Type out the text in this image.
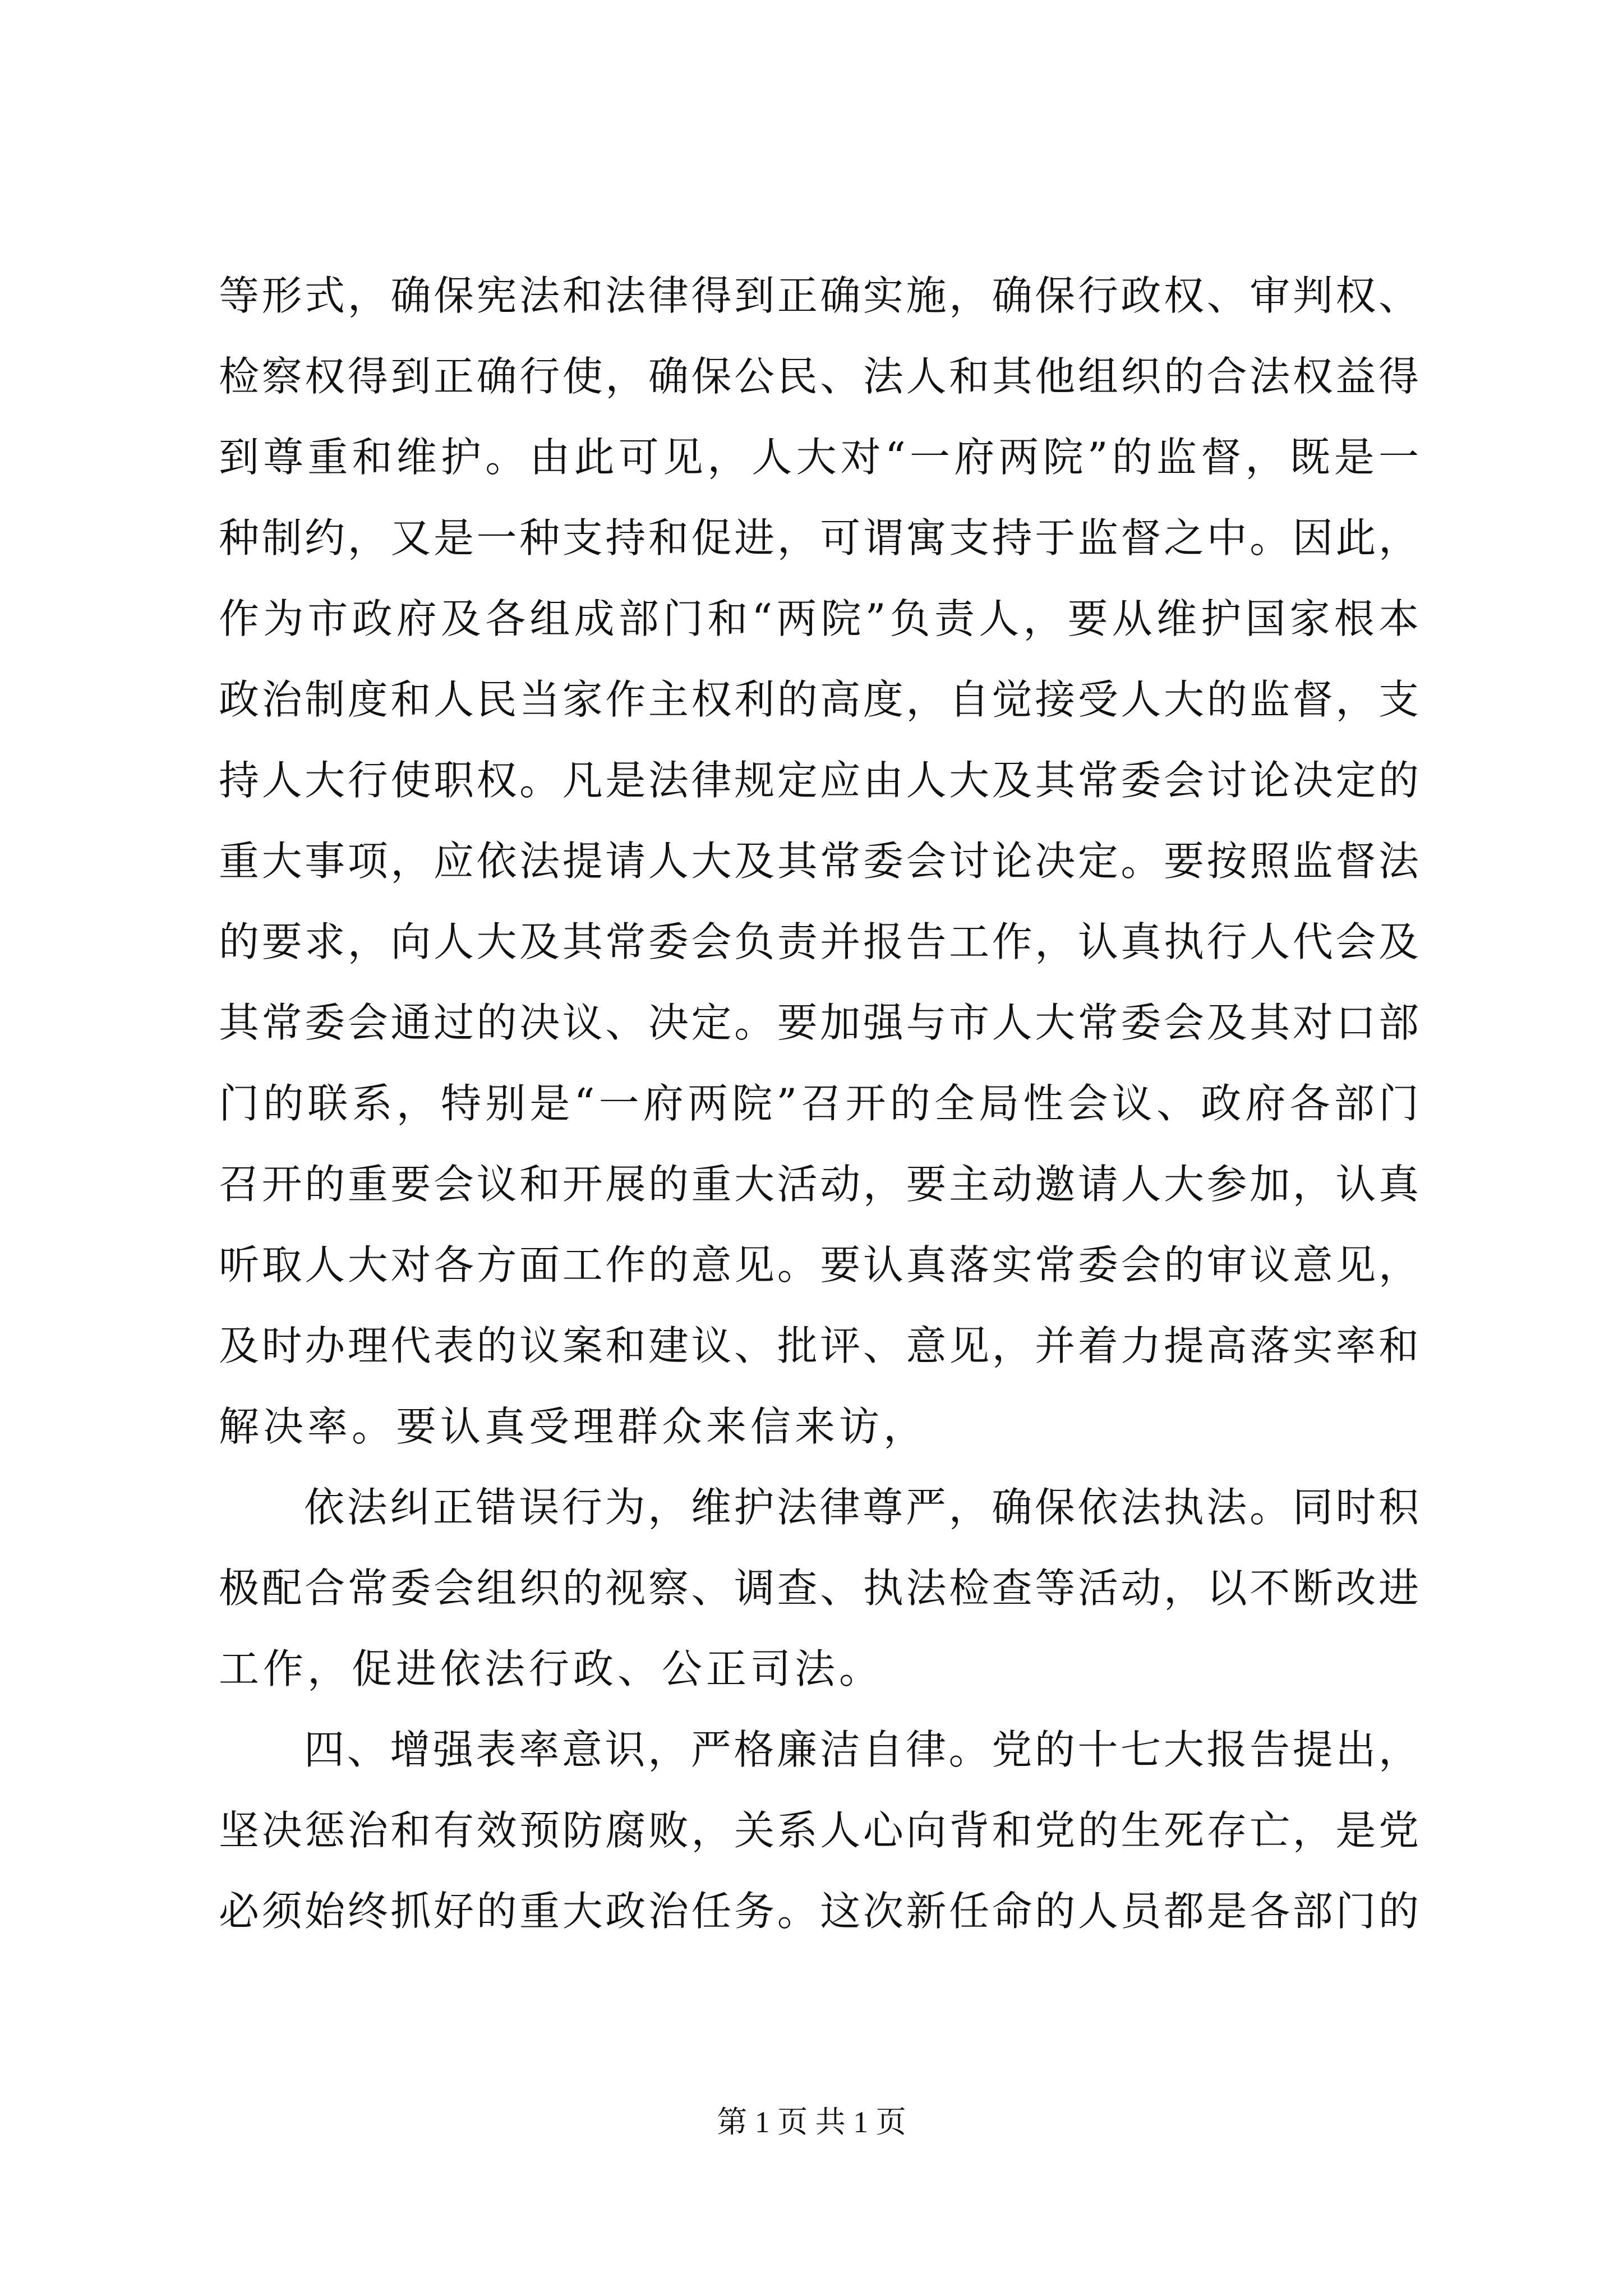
等形式，确保宪法和法律得到正确实施，确保行政权、审判权、
检察权得到正确行使，确保公民、法人和其他组织的合法权益得
到尊重和维护。由此可见，人大对“一府两院”的监督，既是一
种制约，又是一种支持和促进，可谓寓支持于监督之中。因此，
作为市政府及各组成部门和“两院”负责人，要从维护国家根本
政治制度和人民当家作主权利的高度，自觉接受人大的监督，支
持人大行使职权。凡是法律规定应由人大及其常委会讨论决定的
重大事项，应依法提请人大及其常委会讨论决定。要按照监督法
的要求，向人大及其常委会负责并报告工作，认真执行人代会及
其常委会通过的决议、决定。要加强与市人大常委会及其对口部
门的联系，特别是“一府两院”召开的全局性会议、政府各部门
召开的重要会议和开展的重大活动，要主动邀请人大参加，认真
听取人大对各方面工作的意见。要认真落实常委会的审议意见，
及时办理代表的议案和建议、批评、意见，并着力提高落实率和
解决率。要认真受理群众来信来访，
依法纠正错误行为，维护法律尊严，确保依法执法。同时积
极配合常委会组织的视察、调查、执法检查等活动，以不断改进
工作，促进依法行政、公正司法。
四、增强表率意识，严格廉洁自律。党的十七大报告提出，
坚决惩治和有效预防腐败，关系人心向背和党的生死存亡，是党
必须始终抓好的重大政治任务。这次新任命的人员都是各部门的
第 1 页 共 1 页
